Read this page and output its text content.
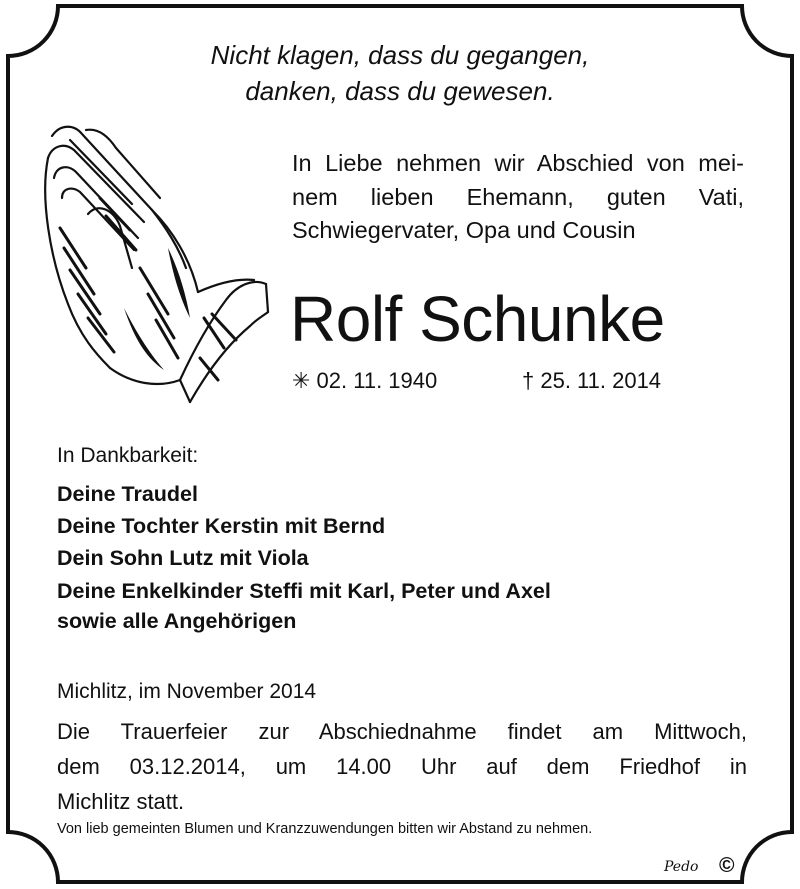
Nicht klagen, dass du gegangen,

danken, dass du gewesen.

In Liebe nehmen wir Abschied von mei-

nem lieben Ehemann, guten Vati,

Schwiegervater, Opa und Cousin

Rolf Schunke

✳ 02. 11. 1940	† 25. 11. 2014

In Dankbarkeit:

Deine Traudel

Deine Tochter Kerstin mit Bernd

Dein Sohn Lutz mit Viola

Deine Enkelkinder Steffi mit Karl, Peter und Axel

sowie alle Angehörigen

Michlitz, im November 2014

Die Trauerfeier zur Abschiednahme findet am Mittwoch,

dem 03.12.2014, um 14.00 Uhr auf dem Friedhof in

Michlitz statt.

Von lieb gemeinten Blumen und Kranzzuwendungen bitten wir Abstand zu nehmen.

Pedo ©
